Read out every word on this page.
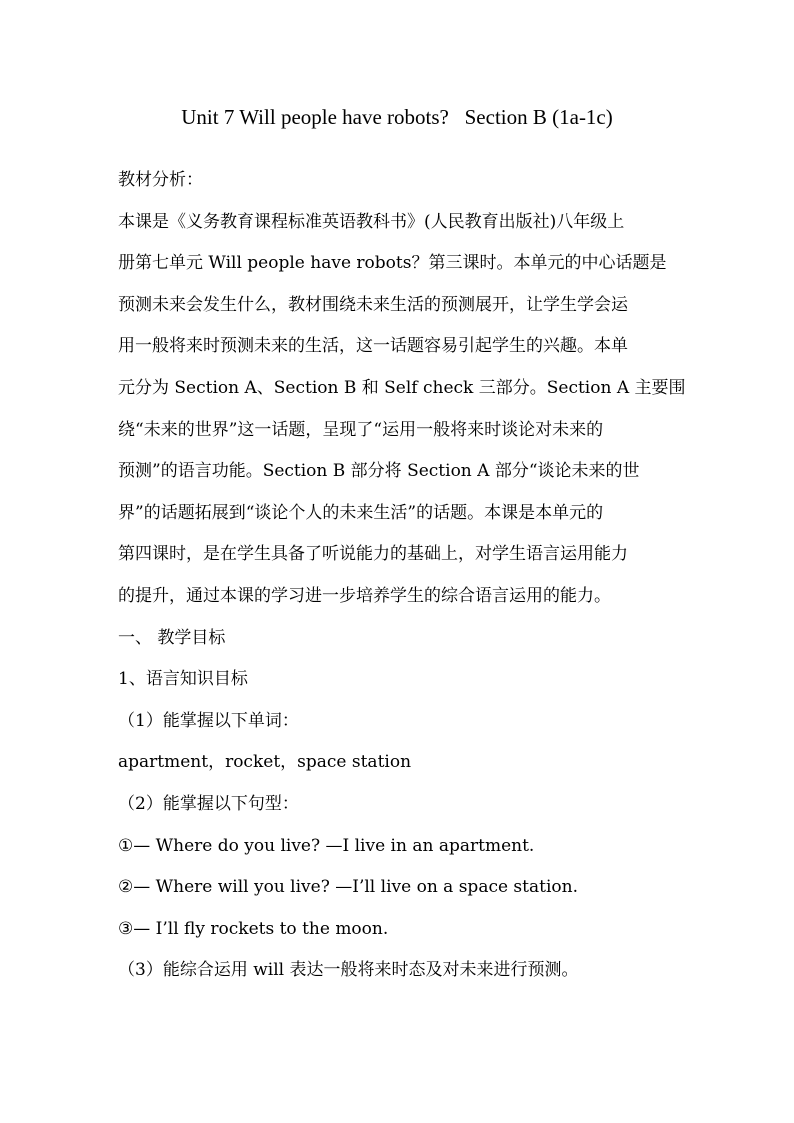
Unit 7 Will people have robots?   Section B (1a-1c)
教材分析：
本课是《义务教育课程标准英语教科书》(人民教育出版社)八年级上
册第七单元 Will people have robots？第三课时。本单元的中心话题是
预测未来会发生什么，教材围绕未来生活的预测展开，让学生学会运
用一般将来时预测未来的生活，这一话题容易引起学生的兴趣。本单
元分为 Section A、Section B 和 Self check 三部分。Section A 主要围
绕“未来的世界”这一话题，呈现了“运用一般将来时谈论对未来的
预测”的语言功能。Section B 部分将 Section A 部分“谈论未来的世
界”的话题拓展到“谈论个人的未来生活”的话题。本课是本单元的
第四课时，是在学生具备了听说能力的基础上，对学生语言运用能力
的提升，通过本课的学习进一步培养学生的综合语言运用的能力。
一、 教学目标
1、语言知识目标
（1）能掌握以下单词：
apartment，rocket，space station
（2）能掌握以下句型：
①— Where do you live? —I live in an apartment.
②— Where will you live? —I’ll live on a space station.
③— I’ll fly rockets to the moon.
（3）能综合运用 will 表达一般将来时态及对未来进行预测。
